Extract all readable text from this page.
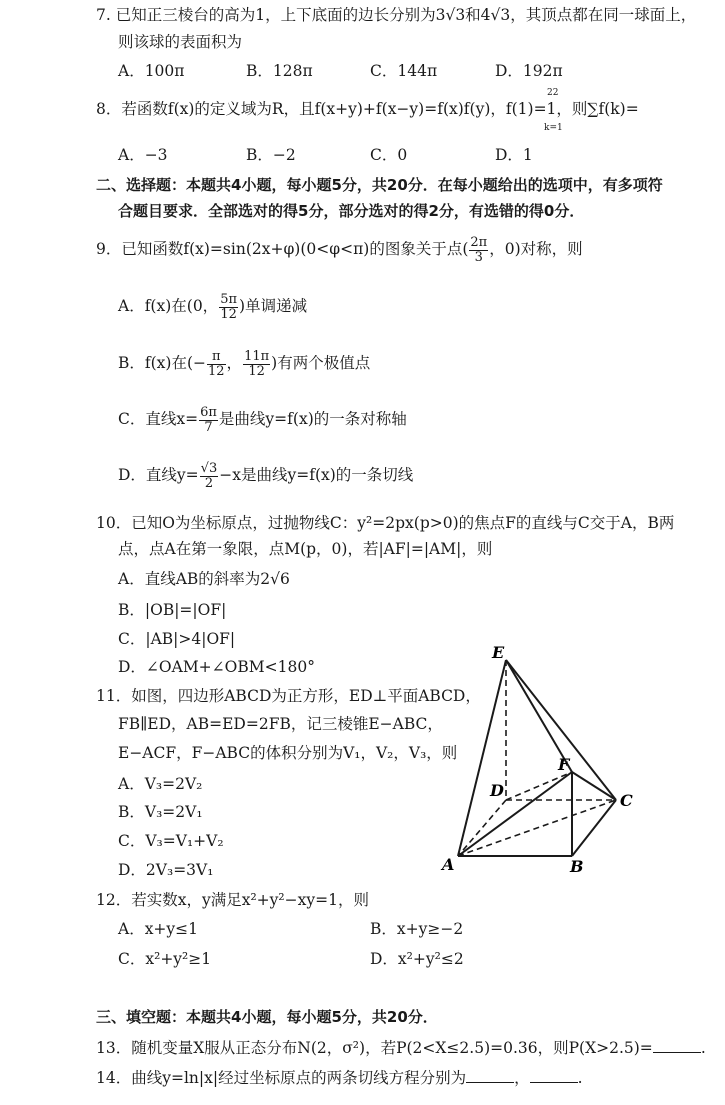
7. 已知正三棱台的高为1，上下底面的边长分别为3√3和4√3，其顶点都在同一球面上，
则该球的表面积为
A．100π	B．128π	C．144π	D．192π
8．若函数f(x)的定义域为R，且f(x+y)+f(x−y)=f(x)f(y)，f(1)=1，则∑f(k)=
22
k=1
A．−3	B．−2	C．0	D．1
二、选择题：本题共4小题，每小题5分，共20分．在每小题给出的选项中，有多项符
合题目要求．全部选对的得5分，部分选对的得2分，有选错的得0分．
9．已知函数f(x)=sin(2x+φ)(0<φ<π)的图象关于点( $\frac{2\pi}{3}$ ，0)对称，则
A．f(x)在(0， $\frac{5\pi}{12}$ )单调递减
B．f(x)在(− $\frac{\pi}{12}$ ， $\frac{11\pi}{12}$ )有两个极值点
C．直线$x= \frac{6\pi}{7}$ 是曲线y=f(x)的一条对称轴
D．直线$y= \frac{√3}{2} -x$是曲线y=f(x)的一条切线
10．已知O为坐标原点，过抛物线C：y²=2px(p>0)的焦点F的直线与C交于A，B两
点，点A在第一象限，点M(p，0)，若|AF|=|AM|，则
A．直线AB的斜率为2√6
B．|OB|=|OF|
C．|AB|>4|OF|
D．∠OAM+∠OBM<180°
11．如图，四边形ABCD为正方形，ED⊥平面ABCD，
FB∥ED，AB=ED=2FB，记三棱锥E−ABC，
E−ACF，F−ABC的体积分别为V₁，V₂，V₃，则
A．V₃=2V₂
B．V₃=2V₁
C．V₃=V₁+V₂
D．2V₃=3V₁
E
F
D
C
A	B
12．若实数x，y满足x²+y²−xy=1，则
A．x+y≤1	B．x+y≥−2
C．x²+y²≥1	D．x²+y²≤2
三、填空题：本题共4小题，每小题5分，共20分．
13．随机变量X服从正态分布N(2，σ²)，若P(2<X≤2.5)=0.36，则P(X>2.5)=	.
14．曲线y=ln|x|经过坐标原点的两条切线方程分别为	，	.
